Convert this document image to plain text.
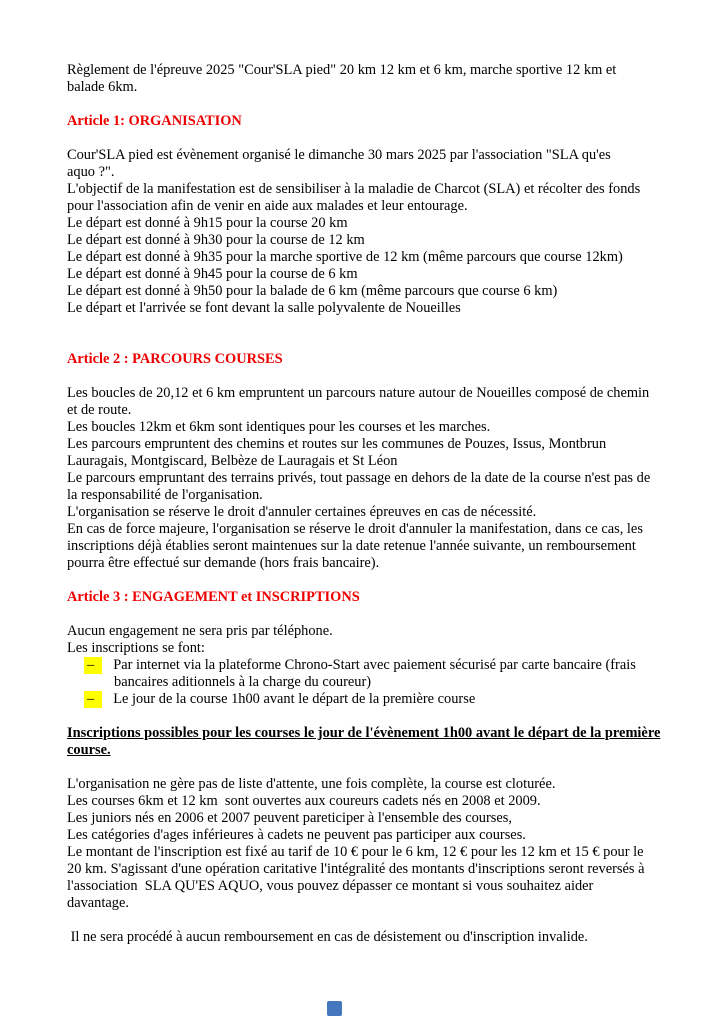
Règlement de l'épreuve 2025 "Cour'SLA pied" 20 km 12 km et 6 km, marche sportive 12 km et
balade 6km.
Article 1: ORGANISATION
Cour'SLA pied est évènement organisé le dimanche 30 mars 2025 par l'association "SLA qu'es
aquo ?".
L'objectif de la manifestation est de sensibiliser à la maladie de Charcot (SLA) et récolter des fonds
pour l'association afin de venir en aide aux malades et leur entourage.
Le départ est donné à 9h15 pour la course 20 km
Le départ est donné à 9h30 pour la course de 12 km
Le départ est donné à 9h35 pour la marche sportive de 12 km (même parcours que course 12km)
Le départ est donné à 9h45 pour la course de 6 km
Le départ est donné à 9h50 pour la balade de 6 km (même parcours que course 6 km)
Le départ et l'arrivée se font devant la salle polyvalente de Noueilles
Article 2 : PARCOURS COURSES
Les boucles de 20,12 et 6 km empruntent un parcours nature autour de Noueilles composé de chemin
et de route.
Les boucles 12km et 6km sont identiques pour les courses et les marches.
Les parcours empruntent des chemins et routes sur les communes de Pouzes, Issus, Montbrun
Lauragais, Montgiscard, Belbèze de Lauragais et St Léon
Le parcours empruntant des terrains privés, tout passage en dehors de la date de la course n'est pas de
la responsabilité de l'organisation.
L'organisation se réserve le droit d'annuler certaines épreuves en cas de nécessité.
En cas de force majeure, l'organisation se réserve le droit d'annuler la manifestation, dans ce cas, les
inscriptions déjà établies seront maintenues sur la date retenue l'année suivante, un remboursement
pourra être effectué sur demande (hors frais bancaire).
Article 3 : ENGAGEMENT et INSCRIPTIONS
Aucun engagement ne sera pris par téléphone.
Les inscriptions se font:
– Par internet via la plateforme Chrono-Start avec paiement sécurisé par carte bancaire (frais
bancaires aditionnels à la charge du coureur)
– Le jour de la course 1h00 avant le départ de la première course
Inscriptions possibles pour les courses le jour de l'évènement 1h00 avant le départ de la première
course.
L'organisation ne gère pas de liste d'attente, une fois complète, la course est cloturée.
Les courses 6km et 12 km  sont ouvertes aux coureurs cadets nés en 2008 et 2009.
Les juniors nés en 2006 et 2007 peuvent pareticiper à l'ensemble des courses,
Les catégories d'ages inférieures à cadets ne peuvent pas participer aux courses.
Le montant de l'inscription est fixé au tarif de 10 € pour le 6 km, 12 € pour les 12 km et 15 € pour le
20 km. S'agissant d'une opération caritative l'intégralité des montants d'inscriptions seront reversés à
l'association  SLA QU'ES AQUO, vous pouvez dépasser ce montant si vous souhaitez aider
davantage.
Il ne sera procédé à aucun remboursement en cas de désistement ou d'inscription invalide.
